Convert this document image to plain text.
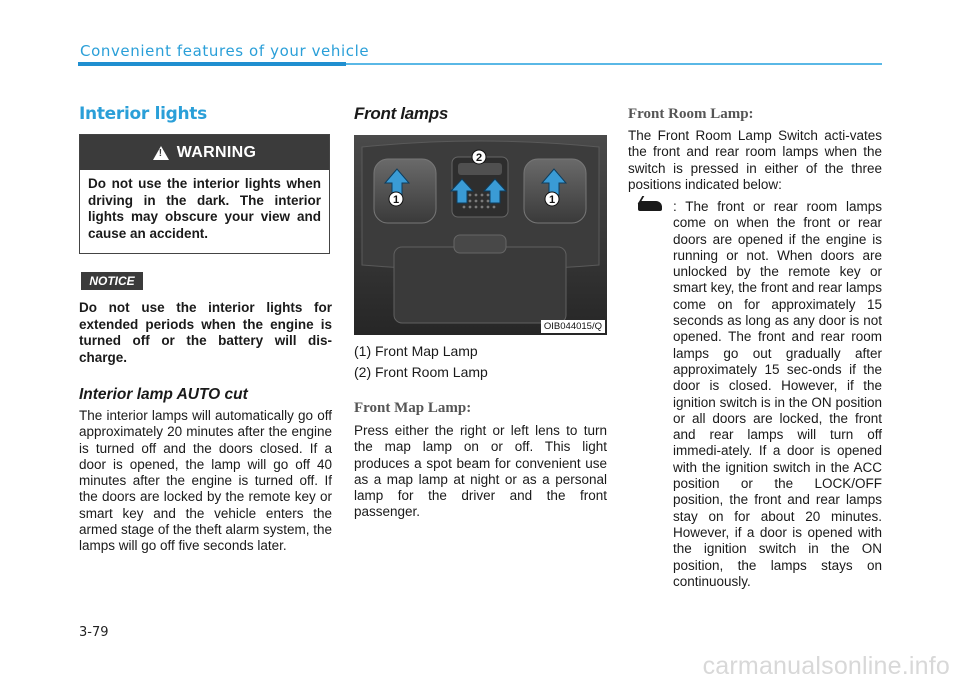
Convenient features of your vehicle
Interior lights
!
WARNING
Do not use the interior lights when driving in the dark. The interior lights may obscure your view and cause an accident.
NOTICE

Do not use the interior lights for extended periods when the engine is turned off or the battery will dis-charge.

Interior lamp AUTO cut

The interior lamps will automatically go off approximately 20 minutes after the engine is turned off and the doors closed. If a door is opened, the lamp will go off 40 minutes after the engine is turned off. If the doors are locked by the remote key or smart key and the vehicle enters the armed stage of the theft alarm system, the lamps will go off five seconds later.

Front lamps
1	1
2
OIB044015/Q

(1) Front Map Lamp

(2) Front Room Lamp

Front Map Lamp:

Press either the right or left lens to turn the map lamp on or off. This light produces a spot beam for convenient use as a map lamp at night or as a personal lamp for the driver and the front passenger.

Front Room Lamp:

The Front Room Lamp Switch acti-vates the front and rear room lamps when the switch is pressed in either of the three positions indicated below:

: The front or rear room lamps come on when the front or rear doors are opened if the engine is running or not. When doors are unlocked by the remote key or smart key, the front and rear lamps come on for approximately 15 seconds as long as any door is not opened. The front and rear room lamps go out gradually after approximately 15 sec-onds if the door is closed. However, if the ignition switch is in the ON position or all doors are locked, the front and rear lamps will turn off immedi-ately. If a door is opened with the ignition switch in the ACC position or the LOCK/OFF position, the front and rear lamps stay on for about 20 minutes. However, if a door is opened with the ignition switch in the ON position, the lamps stays on continuously.

3-79
carmanualsonline.info
